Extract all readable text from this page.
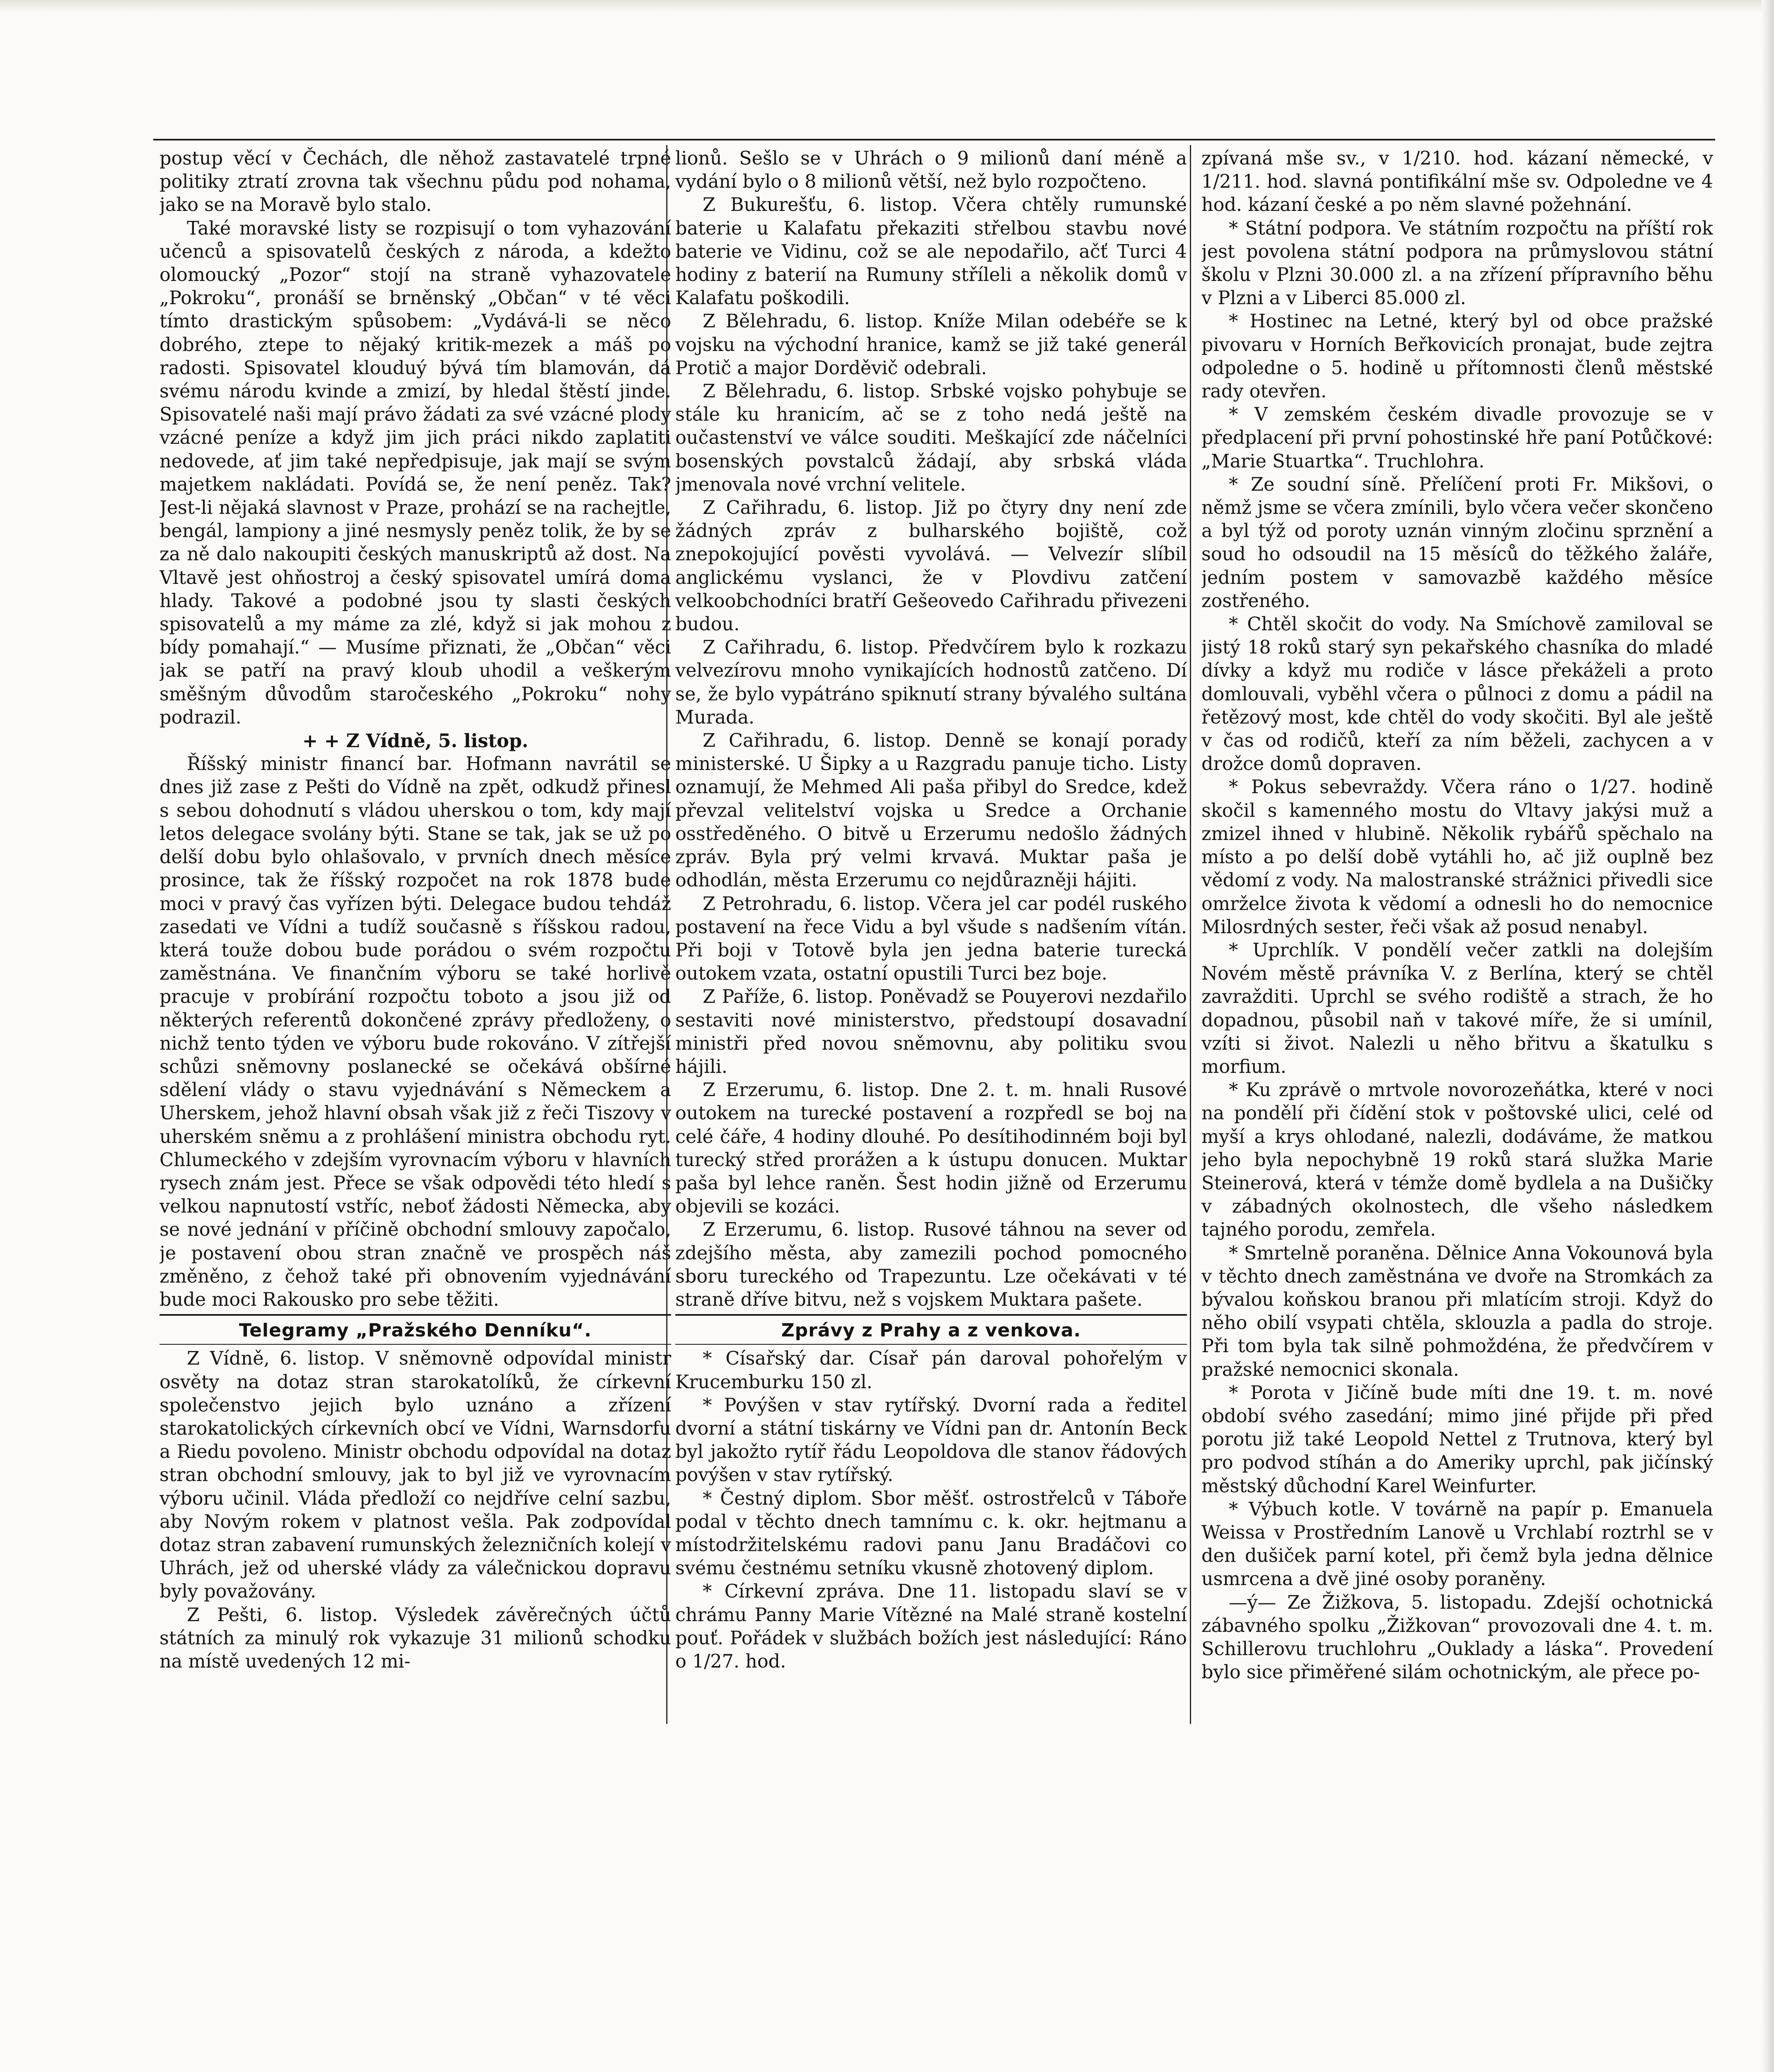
postup věcí v Čechách, dle něhož zastavatelé trpné politiky ztratí zrovna tak všechnu půdu pod nohama, jako se na Moravě bylo stalo.

Také moravské listy se rozpisují o tom vyhazování učenců a spisovatelů českých z národa, a kdežto olomoucký „Pozor“ stojí na straně vyhazovatele „Pokroku“, pronáší se brněnský „Občan“ v té věci tímto drastickým spůsobem: „Vydává-li se něco dobrého, ztepe to nějaký kritik-mezek a máš po radosti. Spisovatel klouduý bývá tím blamován, dá svému národu kvinde a zmizí, by hledal štěstí jinde. Spisovatelé naši mají právo žádati za své vzácné plody vzácné peníze a když jim jich práci nikdo zaplatiti nedovede, ať jim také nepředpisuje, jak mají se svým majetkem nakládati. Povídá se, že není peněz. Tak? Jest-li nějaká slavnost v Praze, prohází se na rachejtle, bengál, lampiony a jiné nesmysly peněz tolik, že by se za ně dalo nakoupiti českých manuskriptů až dost. Na Vltavě jest ohňostroj a český spisovatel umírá doma hlady. Takové a podobné jsou ty slasti českých spisovatelů a my máme za zlé, když si jak mohou z bídy pomahají.“ — Musíme přiznati, že „Občan“ věci jak se patří na pravý kloub uhodil a veškerým směšným důvodům staročeského „Pokroku“ nohy podrazil.

+ + Z Vídně, 5. listop.

Říšský ministr financí bar. Hofmann navrátil se dnes již zase z Pešti do Vídně na zpět, odkudž přinesl s sebou dohodnutí s vládou uherskou o tom, kdy mají letos delegace svolány býti. Stane se tak, jak se už po delší dobu bylo ohlašovalo, v prvních dnech měsíce prosince, tak že říšský rozpočet na rok 1878 bude moci v pravý čas vyřízen býti. Delegace budou tehdáž zasedati ve Vídni a tudíž současně s říšskou radou, která touže dobou bude porádou o svém rozpočtu zaměstnána. Ve finančním výboru se také horlivě pracuje v probírání rozpočtu toboto a jsou již od některých referentů dokončené zprávy předloženy, o nichž tento týden ve výboru bude rokováno. V zítřejší schůzi sněmovny poslanecké se očekává obšírné sdělení vlády o stavu vyjednávání s Německem a Uherskem, jehož hlavní obsah však již z řeči Tiszovy v uherském sněmu a z prohlášení ministra obchodu ryt. Chlumeckého v zdejším vyrovnacím výboru v hlavních rysech znám jest. Přece se však odpovědi této hledí s velkou napnutostí vstříc, neboť žádosti Německa, aby se nové jednání v příčině obchodní smlouvy započalo, je postavení obou stran značně ve prospěch náš změněno, z čehož také při obnovením vyjednávání bude moci Rakousko pro sebe těžiti.

Telegramy „Pražského Denníku“.

Z Vídně, 6. listop. V sněmovně odpovídal ministr osvěty na dotaz stran starokatolíků, že církevní společenstvo jejich bylo uznáno a zřízení starokatolických církevních obcí ve Vídni, Warnsdorfu a Riedu povoleno. Ministr obchodu odpovídal na dotaz stran obchodní smlouvy, jak to byl již ve vyrovnacím výboru učinil. Vláda předloží co nejdříve celní sazbu, aby Novým rokem v platnost vešla. Pak zodpovídal dotaz stran zabavení rumunských železničních kolejí v Uhrách, jež od uherské vlády za válečnickou dopravu byly považovány.

Z Pešti, 6. listop. Výsledek závěrečných účtů státních za minulý rok vykazuje 31 milionů schodku na místě uvedených 12 mi-

lionů. Sešlo se v Uhrách o 9 milionů daní méně a vydání bylo o 8 milionů větší, než bylo rozpočteno.

Z Bukurešťu, 6. listop. Včera chtěly rumunské baterie u Kalafatu překaziti střelbou stavbu nové baterie ve Vidinu, což se ale nepodařilo, ačť Turci 4 hodiny z baterií na Rumuny stříleli a několik domů v Kalafatu poškodili.

Z Bělehradu, 6. listop. Kníže Milan odebéře se k vojsku na východní hranice, kamž se již také generál Protič a major Dorděvič odebrali.

Z Bělehradu, 6. listop. Srbské vojsko pohybuje se stále ku hranicím, ač se z toho nedá ještě na oučastenství ve válce souditi. Meškající zde náčelníci bosenských povstalců žádají, aby srbská vláda jmenovala nové vrchní velitele.

Z Cařihradu, 6. listop. Již po čtyry dny není zde žádných zpráv z bulharského bojiště, což znepokojující pověsti vyvolává. — Velvezír slíbil anglickému vyslanci, že v Plovdivu zatčení velkoobchodníci bratří Gešeovedo Cařihradu přivezeni budou.

Z Cařihradu, 6. listop. Předvčírem bylo k rozkazu velvezírovu mnoho vynikajících hodnostů zatčeno. Dí se, že bylo vypátráno spiknutí strany bývalého sultána Murada.

Z Cařihradu, 6. listop. Denně se konají porady ministerské. U Šipky a u Razgradu panuje ticho. Listy oznamují, že Mehmed Ali paša přibyl do Sredce, kdež převzal velitelství vojska u Sredce a Orchanie osstředěného. O bitvě u Erzerumu nedošlo žádných zpráv. Byla prý velmi krvavá. Muktar paša je odhodlán, města Erzerumu co nejdůrazněji hájiti.

Z Petrohradu, 6. listop. Včera jel car podél ruského postavení na řece Vidu a byl všude s nadšením vítán. Při boji v Totově byla jen jedna baterie turecká outokem vzata, ostatní opustili Turci bez boje.

Z Paříže, 6. listop. Poněvadž se Pouyerovi nezdařilo sestaviti nové ministerstvo, předstoupí dosavadní ministři před novou sněmovnu, aby politiku svou hájili.

Z Erzerumu, 6. listop. Dne 2. t. m. hnali Rusové outokem na turecké postavení a rozpředl se boj na celé čáře, 4 hodiny dlouhé. Po desítihodinném boji byl turecký střed prorážen a k ústupu donucen. Muktar paša byl lehce raněn. Šest hodin jižně od Erzerumu objevili se kozáci.

Z Erzerumu, 6. listop. Rusové táhnou na sever od zdejšího města, aby zamezili pochod pomocného sboru tureckého od Trapezuntu. Lze očekávati v té straně dříve bitvu, než s vojskem Muktara pašete.

Zprávy z Prahy a z venkova.

* Císařský dar. Císař pán daroval pohořelým v Krucemburku 150 zl.

* Povýšen v stav rytířský. Dvorní rada a ředitel dvorní a státní tiskárny ve Vídni pan dr. Antonín Beck byl jakožto rytíř řádu Leopoldova dle stanov řádových povýšen v stav rytířský.

* Čestný diplom. Sbor měšť. ostrostřelců v Táboře podal v těchto dnech tamnímu c. k. okr. hejtmanu a místodržitelskému radovi panu Janu Bradáčovi co svému čestnému setníku vkusně zhotovený diplom.

* Církevní zpráva. Dne 11. listopadu slaví se v chrámu Panny Marie Vítězné na Malé straně kostelní pouť. Pořádek v službách božích jest následující: Ráno o 1/27. hod.

zpívaná mše sv., v 1/210. hod. kázaní německé, v 1/211. hod. slavná pontifikální mše sv. Odpoledne ve 4 hod. kázaní české a po něm slavné požehnání.

* Státní podpora. Ve státním rozpočtu na příští rok jest povolena státní podpora na průmyslovou státní školu v Plzni 30.000 zl. a na zřízení přípravního běhu v Plzni a v Liberci 85.000 zl.

* Hostinec na Letné, který byl od obce pražské pivovaru v Horních Beřkovicích pronajat, bude zejtra odpoledne o 5. hodině u přítomnosti členů městské rady otevřen.

* V zemském českém divadle provozuje se v předplacení při první pohostinské hře paní Potůčkové: „Marie Stuartka“. Truchlohra.

* Ze soudní síně. Přelíčení proti Fr. Mikšovi, o němž jsme se včera zmínili, bylo včera večer skončeno a byl týž od poroty uznán vinným zločinu sprznění a soud ho odsoudil na 15 měsíců do těžkého žaláře, jedním postem v samovazbě každého měsíce zostřeného.

* Chtěl skočit do vody. Na Smíchově zamiloval se jistý 18 roků starý syn pekařského chasníka do mladé dívky a když mu rodiče v lásce překáželi a proto domlouvali, vyběhl včera o půlnoci z domu a pádil na řetězový most, kde chtěl do vody skočiti. Byl ale ještě v čas od rodičů, kteří za ním běželi, zachycen a v drožce domů dopraven.

* Pokus sebevraždy. Včera ráno o 1/27. hodině skočil s kamenného mostu do Vltavy jakýsi muž a zmizel ihned v hlubině. Několik rybářů spěchalo na místo a po delší době vytáhli ho, ač již ouplně bez vědomí z vody. Na malostranské strážnici přivedli sice omrželce života k vědomí a odnesli ho do nemocnice Milosrdných sester, řeči však až posud nenabyl.

* Uprchlík. V pondělí večer zatkli na dolejším Novém městě právníka V. z Berlína, který se chtěl zavražditi. Uprchl se svého rodiště a strach, že ho dopadnou, působil naň v takové míře, že si umínil, vzíti si život. Nalezli u něho břitvu a škatulku s morfium.

* Ku zprávě o mrtvole novorozeňátka, které v noci na pondělí při čídění stok v poštovské ulici, celé od myší a krys ohlodané, nalezli, dodáváme, že matkou jeho byla nepochybně 19 roků stará služka Marie Steinerová, která v témže domě bydlela a na Dušičky v zábadných okolnostech, dle všeho následkem tajného porodu, zemřela.

* Smrtelně poraněna. Dělnice Anna Vokounová byla v těchto dnech zaměstnána ve dvoře na Stromkách za bývalou koňskou branou při mlatícím stroji. Když do něho obilí vsypati chtěla, sklouzla a padla do stroje. Při tom byla tak silně pohmoždéna, že předvčírem v pražské nemocnici skonala.

* Porota v Jičíně bude míti dne 19. t. m. nové období svého zasedání; mimo jiné přijde při před porotu již také Leopold Nettel z Trutnova, který byl pro podvod stíhán a do Ameriky uprchl, pak jičínský městský důchodní Karel Weinfurter.

* Výbuch kotle. V továrně na papír p. Emanuela Weissa v Prostředním Lanově u Vrchlabí roztrhl se v den dušiček parní kotel, při čemž byla jedna dělnice usmrcena a dvě jiné osoby poraněny.

—ý— Ze Žižkova, 5. listopadu. Zdejší ochotnická zábavného spolku „Žižkovan“ provozovali dne 4. t. m. Schillerovu truchlohru „Ouklady a láska“. Provedení bylo sice přiměřené silám ochotnickým, ale přece po-
